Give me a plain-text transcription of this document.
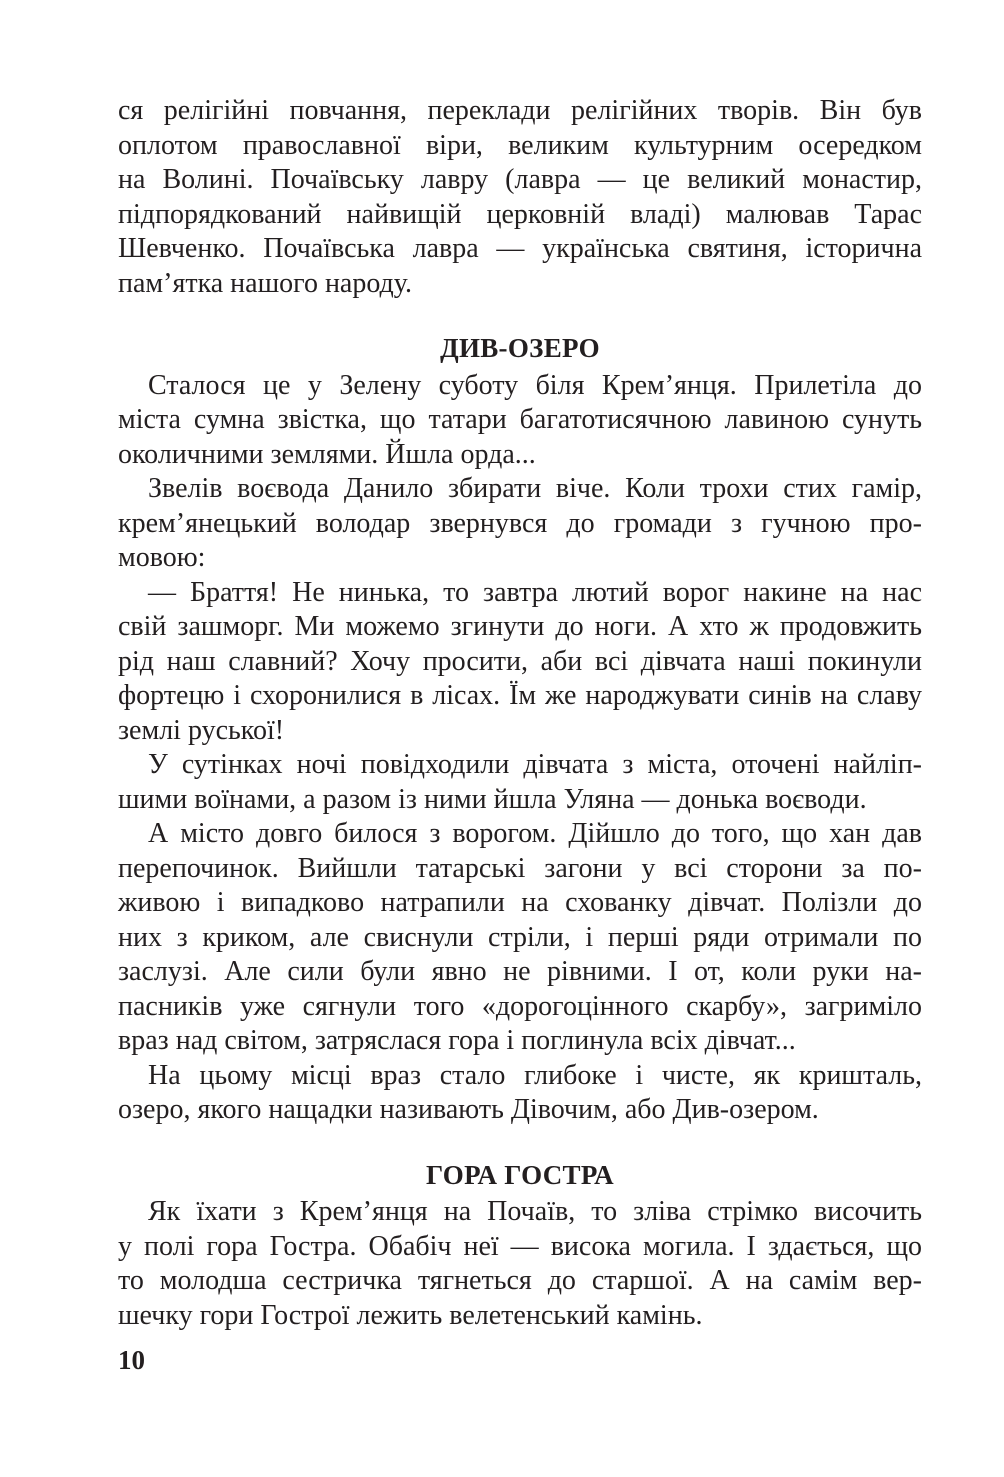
ся релігійні повчання, переклади релігійних творів. Він був
оплотом православної віри, великим культурним осередком
на Волині. Почаївську лавру (лавра — це великий монастир,
підпорядкований найвищій церковній владі) малював Тарас
Шевченко. Почаївська лавра — українська святиня, історична
пам’ятка нашого народу.
ДИВ-ОЗЕРО
Сталося це у Зелену суботу біля Крем’янця. Прилетіла до
міста сумна звістка, що татари багатотисячною лавиною сунуть
околичними землями. Йшла орда...
Звелів воєвода Данило збирати віче. Коли трохи стих гамір,
крем’янецький володар звернувся до громади з гучною про-
мовою:
— Браття! Не нинька, то завтра лютий ворог накине на нас
свій зашморг. Ми можемо згинути до ноги. А хто ж продовжить
рід наш славний? Хочу просити, аби всі дівчата наші покинули
фортецю і схоронилися в лісах. Їм же народжувати синів на славу
землі руської!
У сутінках ночі повідходили дівчата з міста, оточені найліп-
шими воїнами, а разом із ними йшла Уляна — донька воєводи.
А місто довго билося з ворогом. Дійшло до того, що хан дав
перепочинок. Вийшли татарські загони у всі сторони за по-
живою і випадково натрапили на схованку дівчат. Полізли до
них з криком, але свиснули стріли, і перші ряди отримали по
заслузі. Але сили були явно не рівними. І от, коли руки на-
пасників уже сягнули того «дорогоцінного скарбу», загриміло
враз над світом, затряслася гора і поглинула всіх дівчат...
На цьому місці враз стало глибоке і чисте, як кришталь,
озеро, якого нащадки називають Дівочим, або Див-озером.
ГОРА ГОСТРА
Як їхати з Крем’янця на Почаїв, то зліва стрімко височить
у полі гора Гостра. Обабіч неї — висока могила. І здається, що
то молодша сестричка тягнеться до старшої. А на самім вер-
шечку гори Гострої лежить велетенський камінь.
10
